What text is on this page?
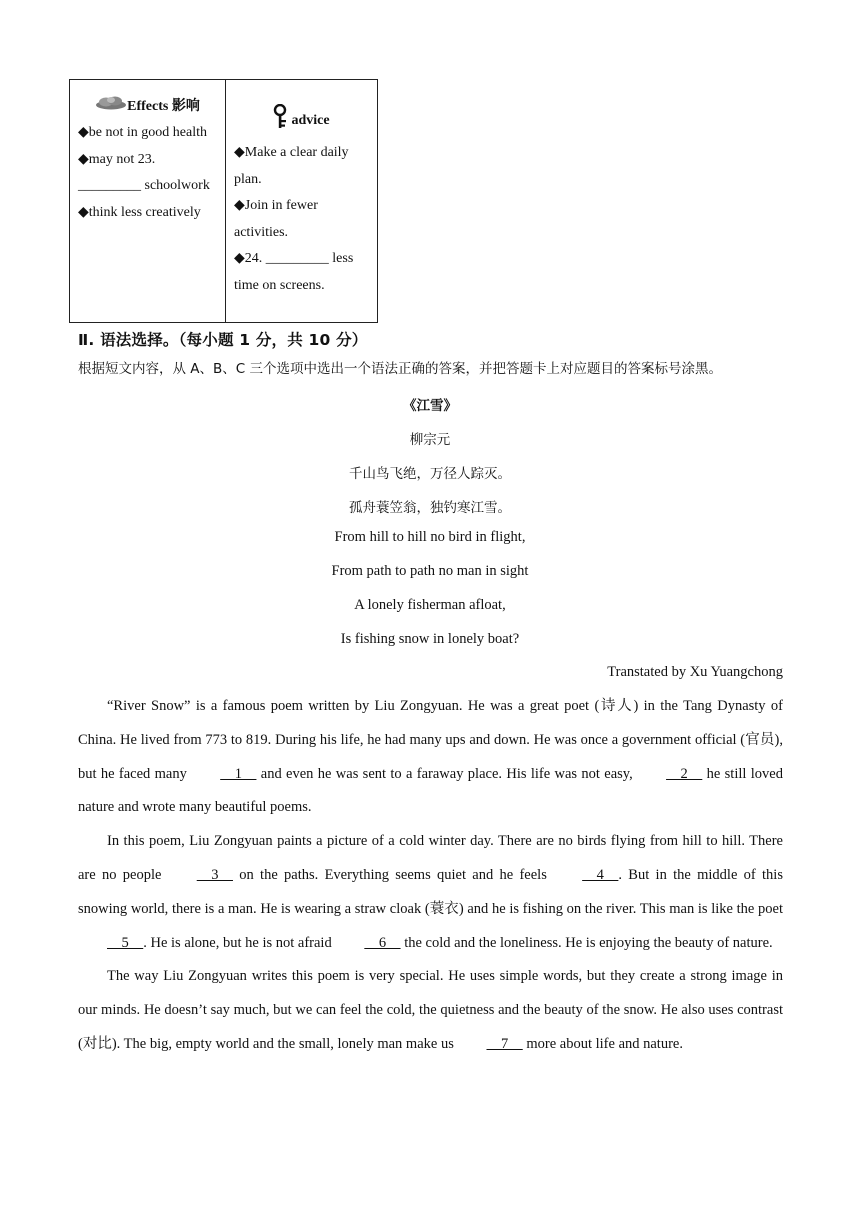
Effects 影响
◆ be not in good health
◆ may not 23. _________ schoolwork
◆ think less creatively

advice
◆ Make a clear daily plan.
◆ Join in fewer activities.
◆ 24. _________ less time on screens.
Ⅱ. 语法选择。（每小题 1 分，共 10 分）
根据短文内容，从 A、B、C 三个选项中选出一个语法正确的答案，并把答题卡上对应题目的答案标号涂黑。
《江雪》
柳宗元
千山鸟飞绝，万径人踪灭。
孤舟蓑笠翁，独钓寒江雪。
From hill to hill no bird in flight,
From path to path no man in sight
A lonely fisherman afloat,
Is fishing snow in lonely boat?
Transtated by Xu Yuangchong

“River Snow” is a famous poem written by Liu Zongyuan. He was a great poet (诗人) in the Tang Dynasty of China. He lived from 773 to 819. During his life, he had many ups and down. He was once a government official (官员), but he faced many     1     and even he was sent to a faraway place. His life was not easy,     2     he still loved nature and wrote many beautiful poems.

In this poem, Liu Zongyuan paints a picture of a cold winter day. There are no birds flying from hill to hill. There are no people     3     on the paths. Everything seems quiet and he feels     4    . But in the middle of this snowing world, there is a man. He is wearing a straw cloak (蓑衣) and he is fishing on the river. This man is like the poet     5    . He is alone, but he is not afraid     6     the cold and the loneliness. He is enjoying the beauty of nature.

The way Liu Zongyuan writes this poem is very special. He uses simple words, but they create a strong image in our minds. He doesn’t say much, but we can feel the cold, the quietness and the beauty of the snow. He also uses contrast (对比). The big, empty world and the small, lonely man make us     7     more about life and nature.
